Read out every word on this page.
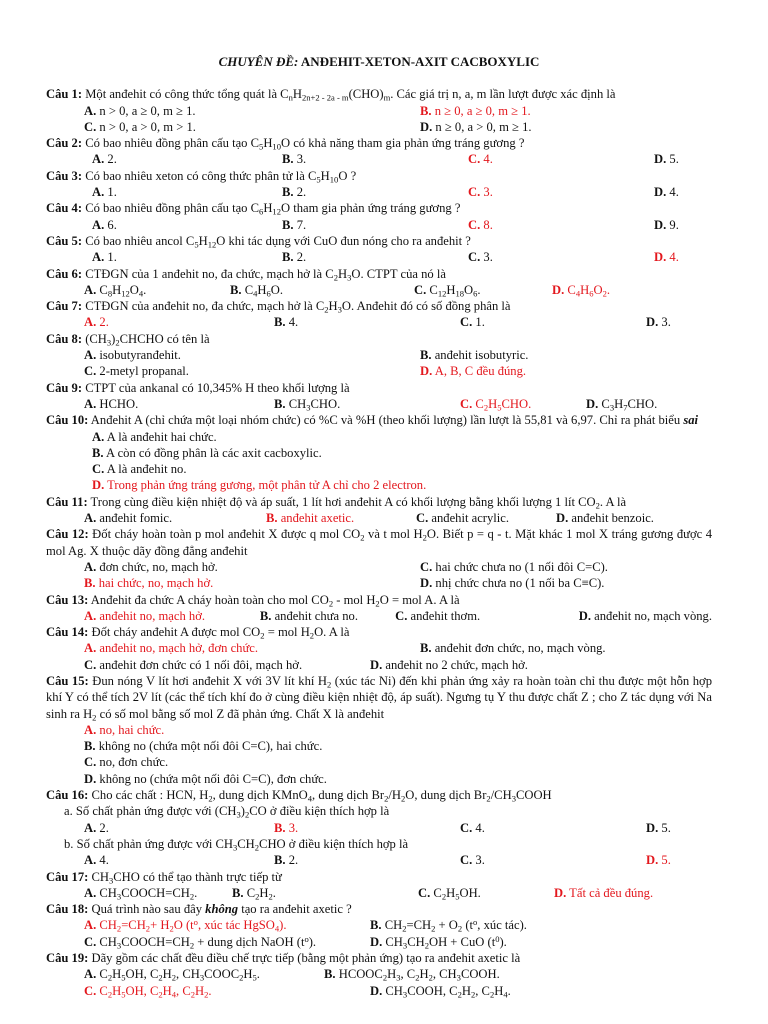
CHUYÊN ĐỀ: ANĐEHIT-XETON-AXIT CACBOXYLIC
Câu 1: Một anđehit có công thức tổng quát là $C_nH_{2n+2 - 2a - m}(CHO)_m$. Các giá trị n, a, m lần lượt được xác định là
A. n > 0, a ≥ 0, m ≥ 1.	B. n ≥ 0, a ≥ 0, m ≥ 1.
C. n > 0, a > 0, m > 1.	D. n ≥ 0, a > 0, m ≥ 1.
Câu 2: Có bao nhiêu đồng phân cấu tạo $C_5H_{10}O$ có khả năng tham gia phản ứng tráng gương ?
A. 2.	B. 3.	C. 4.	D. 5.
Câu 3: Có bao nhiêu xeton có công thức phân tử là $C_5H_{10}O$ ?
A. 1.	B. 2.	C. 3.	D. 4.
Câu 4: Có bao nhiêu đồng phân cấu tạo $C_6H_{12}O$ tham gia phản ứng tráng gương ?
A. 6.	B. 7.	C. 8.	D. 9.
Câu 5: Có bao nhiêu ancol $C_5H_{12}O$ khi tác dụng với CuO đun nóng cho ra anđehit ?
A. 1.	B. 2.	C. 3.	D. 4.
Câu 6: CTĐGN của 1 anđehit no, đa chức, mạch hở là $C_2H_3O$. CTPT của nó là
A. $C_8H_{12}O_4$.	B. $C_4H_6O$.	C. $C_{12}H_{18}O_6$.	D. $C_4H_6O_2$.
Câu 7: CTĐGN của anđehit no, đa chức, mạch hở là $C_2H_3O$. Anđehit đó có số đồng phân là
A. 2.	B. 4.	C. 1.	D. 3.
Câu 8: $(CH_3)_2CHCHO$ có tên là
A. isobutyranđehit.	B. anđehit isobutyric.
C. 2-metyl propanal.	D. A, B, C đều đúng.
Câu 9: CTPT của ankanal có 10,345% H theo khối lượng là
A. HCHO.	B. $CH_3CHO$.	C. $C_2H_5CHO$.	D. $C_3H_7CHO$.
Câu 10: Anđehit A (chỉ chứa một loại nhóm chức) có %C và %H (theo khối lượng) lần lượt là 55,81 và 6,97. Chỉ ra phát biểu sai
A. A là anđehit hai chức.
B. A còn có đồng phân là các axit cacboxylic.
C. A là anđehit no.
D. Trong phản ứng tráng gương, một phân tử A chỉ cho 2 electron.
Câu 11: Trong cùng điều kiện nhiệt độ và áp suất, 1 lít hơi anđehit A có khối lượng bằng khối lượng 1 lít $CO_2$. A là
A. anđehit fomic.	B. anđehit axetic.	C. anđehit acrylic.	D. anđehit benzoic.
Câu 12: Đốt cháy hoàn toàn p mol anđehit X được q mol $CO_2$ và t mol $H_2O$. Biết p = q - t. Mặt khác 1 mol X tráng gương được 4 mol Ag. X thuộc dãy đồng đẳng anđehit
A. đơn chức, no, mạch hở.	C. hai chức chưa no (1 nối đôi C=C).
B. hai chức, no, mạch hở.	D. nhị chức chưa no (1 nối ba C≡C).
Câu 13: Anđehit đa chức A cháy hoàn toàn cho mol $CO_2$ - mol $H_2O$ = mol A. A là
A. anđehit no, mạch hở.	B. anđehit chưa no.	C. anđehit thơm.	D. anđehit no, mạch vòng.
Câu 14: Đốt cháy anđehit A được mol $CO_2$ = mol $H_2O$. A là
A. anđehit no, mạch hở, đơn chức.	B. anđehit đơn chức, no, mạch vòng.
C. anđehit đơn chức có 1 nối đôi, mạch hở.	D. anđehit no 2 chức, mạch hở.
Câu 15: Đun nóng V lít hơi anđehit X với 3V lít khí $H_2$ (xúc tác Ni) đến khi phản ứng xảy ra hoàn toàn chỉ thu được một hỗn hợp khí Y có thể tích 2V lít (các thể tích khí đo ở cùng điều kiện nhiệt độ, áp suất). Ngưng tụ Y thu được chất Z ; cho Z tác dụng với Na sinh ra $H_2$ có số mol bằng số mol Z đã phản ứng. Chất X là anđehit
A. no, hai chức.
B. không no (chứa một nối đôi C=C), hai chức.
C. no, đơn chức.
D. không no (chứa một nối đôi C=C), đơn chức.
Câu 16: Cho các chất : HCN, $H_2$, dung dịch KMnO$_4$, dung dịch $Br_2/H_2O$, dung dịch $Br_2/CH_3COOH$
a. Số chất phản ứng được với $(CH_3)_2CO$ ở điều kiện thích hợp là
A. 2.	B. 3.	C. 4.	D. 5.
b. Số chất phản ứng được với $CH_3CH_2CHO$ ở điều kiện thích hợp là
A. 4.	B. 2.	C. 3.	D. 5.
Câu 17: $CH_3CHO$ có thể tạo thành trực tiếp từ
A. $CH_3COOCH=CH_2$.	B. $C_2H_2$.	C. $C_2H_5OH$.	D. Tất cả đều đúng.
Câu 18: Quá trình nào sau đây không tạo ra anđehit axetic ?
A. $CH_2=CH_2+ H_2O$ ($t^o$, xúc tác HgSO$_4$).	B. $CH_2=CH_2 + O_2$ ($t^o$, xúc tác).
C. $CH_3COOCH=CH_2$ + dung dịch NaOH $(t^o)$.	D. $CH_3CH_2OH$ + CuO $(t^0)$.
Câu 19: Dãy gồm các chất đều điều chế trực tiếp (bằng một phản ứng) tạo ra anđehit axetic là
A. $C_2H_5OH$, $C_2H_2$, $CH_3COOC_2H_5$.	B. $HCOOC_2H_3$, $C_2H_2$, $CH_3COOH$.
C. $C_2H_5OH$, $C_2H_4$, $C_2H_2$.	D. $CH_3COOH$, $C_2H_2$, $C_2H_4$.
